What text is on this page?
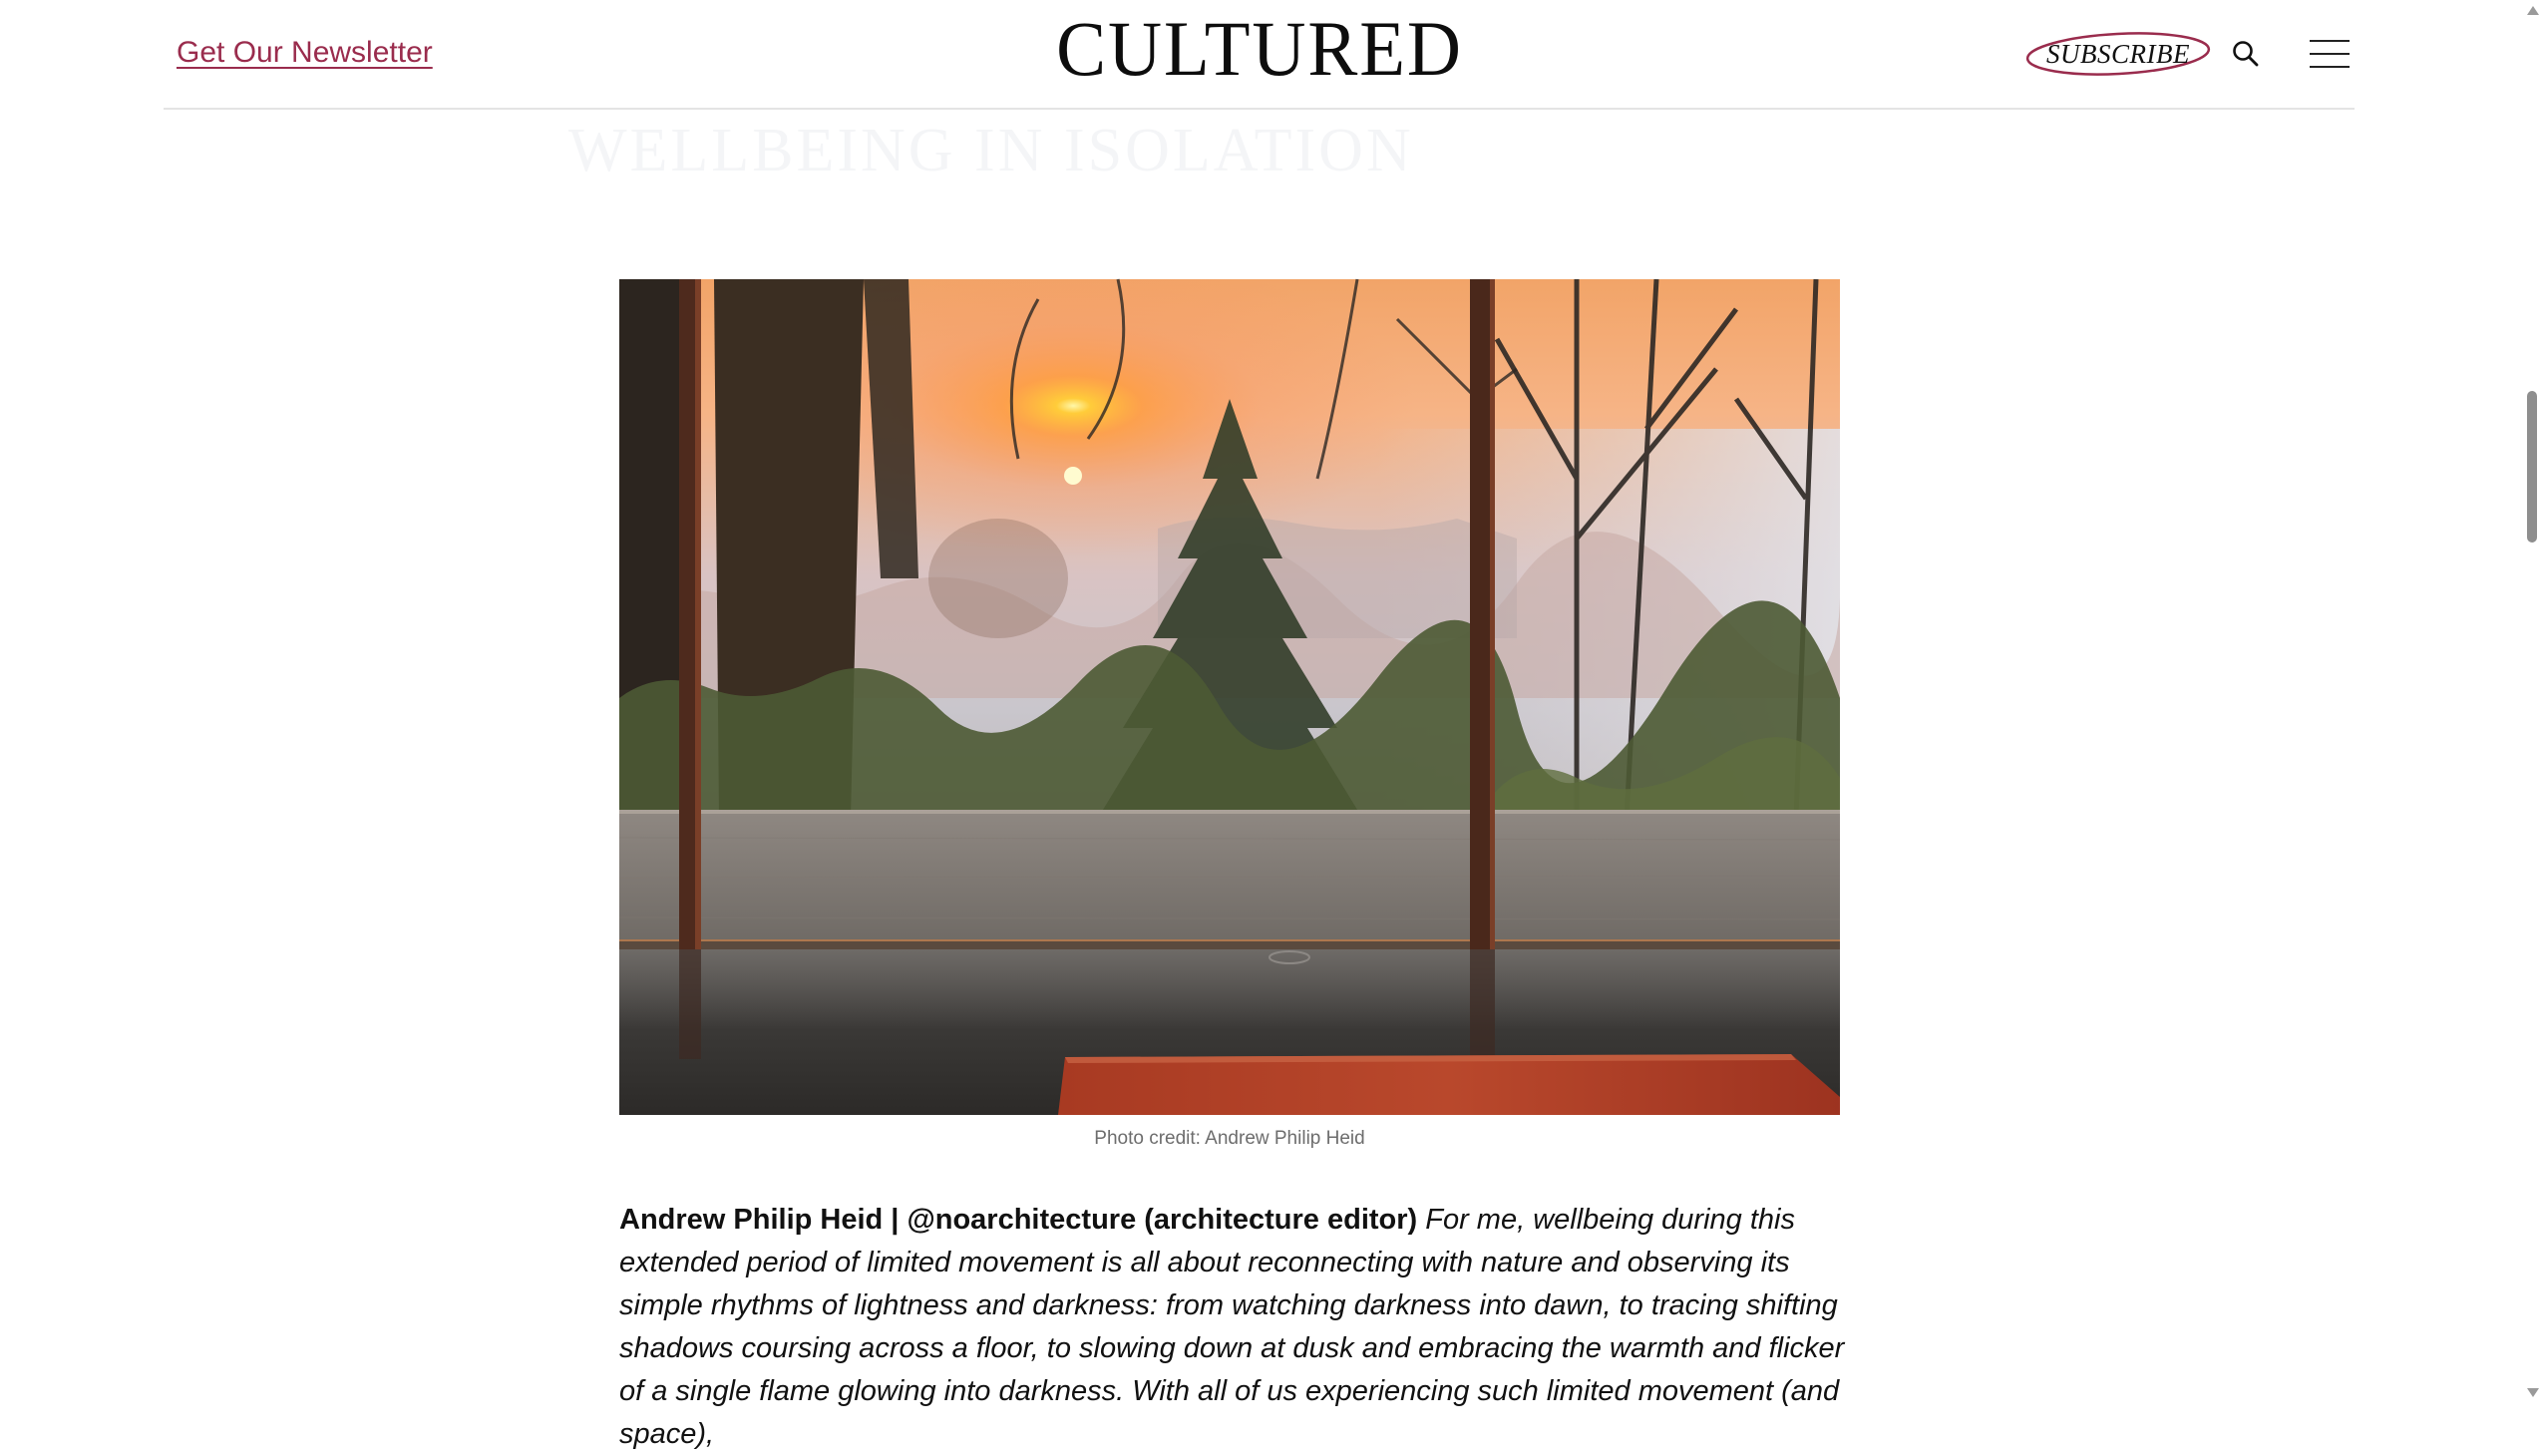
Get Our Newsletter	CULTURED	SUBSCRIBE
WELLBEING IN ISOLATION
Photo credit: Andrew Philip Heid
Andrew Philip Heid | @noarchitecture (architecture editor) For me, wellbeing during this extended period of limited movement is all about reconnecting with nature and observing its simple rhythms of lightness and darkness: from watching darkness into dawn, to tracing shifting shadows coursing across a floor, to slowing down at dusk and embracing the warmth and flicker of a single flame glowing into darkness. With all of us experiencing such limited movement (and space),
